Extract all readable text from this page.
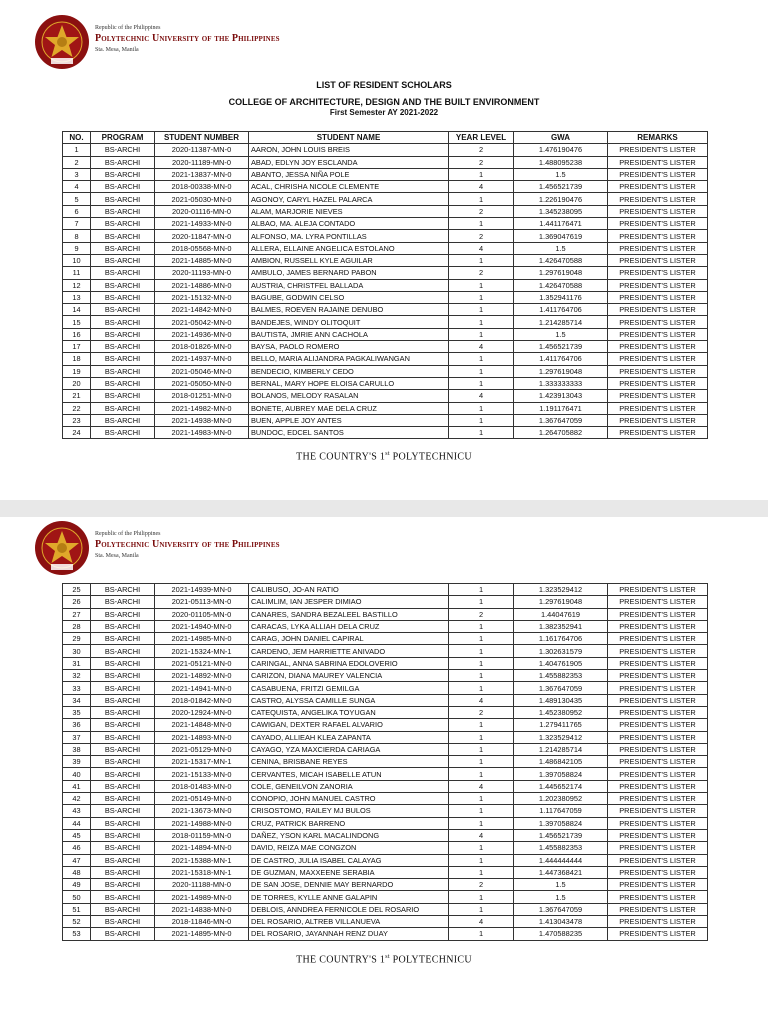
Republic of the Philippines
Polytechnic University of the Philippines
Sta. Mesa, Manila
LIST OF RESIDENT SCHOLARS
COLLEGE OF ARCHITECTURE, DESIGN AND THE BUILT ENVIRONMENT
First Semester AY 2021-2022
NO.	PROGRAM	STUDENT NUMBER	STUDENT NAME	YEAR LEVEL	GWA	REMARKS
1	BS-ARCHI	2020-11387-MN-0	AARON, JOHN LOUIS BREIS	2	1.476190476	PRESIDENT'S LISTER
2	BS-ARCHI	2020-11189-MN-0	ABAD, EDLYN JOY ESCLANDA	2	1.488095238	PRESIDENT'S LISTER
3	BS-ARCHI	2021-13837-MN-0	ABANTO, JESSA NIÑA POLE	1	1.5	PRESIDENT'S LISTER
4	BS-ARCHI	2018-00338-MN-0	ACAL, CHRISHA NICOLE CLEMENTE	4	1.456521739	PRESIDENT'S LISTER
5	BS-ARCHI	2021-05030-MN-0	AGONOY, CARYL HAZEL PALARCA	1	1.226190476	PRESIDENT'S LISTER
6	BS-ARCHI	2020-01116-MN-0	ALAM, MARJORIE NIEVES	2	1.345238095	PRESIDENT'S LISTER
7	BS-ARCHI	2021-14933-MN-0	ALBAO, MA. ALEJA CONTADO	1	1.441176471	PRESIDENT'S LISTER
8	BS-ARCHI	2020-11847-MN-0	ALFONSO, MA. LYRA PONTILLAS	2	1.369047619	PRESIDENT'S LISTER
9	BS-ARCHI	2018-05568-MN-0	ALLERA, ELLAINE ANGELICA ESTOLANO	4	1.5	PRESIDENT'S LISTER
10	BS-ARCHI	2021-14885-MN-0	AMBION, RUSSELL KYLE AGUILAR	1	1.426470588	PRESIDENT'S LISTER
11	BS-ARCHI	2020-11193-MN-0	AMBULO, JAMES BERNARD PABON	2	1.297619048	PRESIDENT'S LISTER
12	BS-ARCHI	2021-14886-MN-0	AUSTRIA, CHRISTFEL BALLADA	1	1.426470588	PRESIDENT'S LISTER
13	BS-ARCHI	2021-15132-MN-0	BAGUBE, GODWIN CELSO	1	1.352941176	PRESIDENT'S LISTER
14	BS-ARCHI	2021-14842-MN-0	BALMES, ROEVEN RAJAINE DENUBO	1	1.411764706	PRESIDENT'S LISTER
15	BS-ARCHI	2021-05042-MN-0	BANDEJES, WINDY OLITOQUIT	1	1.214285714	PRESIDENT'S LISTER
16	BS-ARCHI	2021-14936-MN-0	BAUTISTA, JMRIE ANN CACHOLA	1	1.5	PRESIDENT'S LISTER
17	BS-ARCHI	2018-01826-MN-0	BAYSA, PAOLO ROMERO	4	1.456521739	PRESIDENT'S LISTER
18	BS-ARCHI	2021-14937-MN-0	BELLO, MARIA ALIJANDRA PAGKALIWANGAN	1	1.411764706	PRESIDENT'S LISTER
19	BS-ARCHI	2021-05046-MN-0	BENDECIO, KIMBERLY CEDO	1	1.297619048	PRESIDENT'S LISTER
20	BS-ARCHI	2021-05050-MN-0	BERNAL, MARY HOPE ELOISA CARULLO	1	1.333333333	PRESIDENT'S LISTER
21	BS-ARCHI	2018-01251-MN-0	BOLANOS, MELODY RASALAN	4	1.423913043	PRESIDENT'S LISTER
22	BS-ARCHI	2021-14982-MN-0	BONETE, AUBREY MAE DELA CRUZ	1	1.191176471	PRESIDENT'S LISTER
23	BS-ARCHI	2021-14938-MN-0	BUEN, APPLE JOY ANTES	1	1.367647059	PRESIDENT'S LISTER
24	BS-ARCHI	2021-14983-MN-0	BUNDOC, EDCEL SANTOS	1	1.264705882	PRESIDENT'S LISTER
THE COUNTRY'S 1st POLYTECHNICU
Republic of the Philippines
Polytechnic University of the Philippines
Sta. Mesa, Manila
25	BS-ARCHI	2021-14939-MN-0	CALIBUSO, JO-AN RATIO	1	1.323529412	PRESIDENT'S LISTER
26	BS-ARCHI	2021-05113-MN-0	CALIMLIM, IAN JESPER DIMIAO	1	1.297619048	PRESIDENT'S LISTER
27	BS-ARCHI	2020-01105-MN-0	CANARES, SANDRA BEZALEEL BASTILLO	2	1.44047619	PRESIDENT'S LISTER
28	BS-ARCHI	2021-14940-MN-0	CARACAS, LYKA ALLIAH DELA CRUZ	1	1.382352941	PRESIDENT'S LISTER
29	BS-ARCHI	2021-14985-MN-0	CARAG, JOHN DANIEL CAPIRAL	1	1.161764706	PRESIDENT'S LISTER
30	BS-ARCHI	2021-15324-MN-1	CARDENO, JEM HARRIETTE ANIVADO	1	1.302631579	PRESIDENT'S LISTER
31	BS-ARCHI	2021-05121-MN-0	CARINGAL, ANNA SABRINA EDOLOVERIO	1	1.404761905	PRESIDENT'S LISTER
32	BS-ARCHI	2021-14892-MN-0	CARIZON, DIANA MAUREY VALENCIA	1	1.455882353	PRESIDENT'S LISTER
33	BS-ARCHI	2021-14941-MN-0	CASABUENA, FRITZI GEMILGA	1	1.367647059	PRESIDENT'S LISTER
34	BS-ARCHI	2018-01842-MN-0	CASTRO, ALYSSA CAMILLE SUNGA	4	1.489130435	PRESIDENT'S LISTER
35	BS-ARCHI	2020-12924-MN-0	CATEQUISTA, ANGELIKA TOYUGAN	2	1.452380952	PRESIDENT'S LISTER
36	BS-ARCHI	2021-14848-MN-0	CAWIGAN, DEXTER RAFAEL ALVARIO	1	1.279411765	PRESIDENT'S LISTER
37	BS-ARCHI	2021-14893-MN-0	CAYADO, ALLIEAH KLEA ZAPANTA	1	1.323529412	PRESIDENT'S LISTER
38	BS-ARCHI	2021-05129-MN-0	CAYAGO, YZA MAXCIERDA CARIAGA	1	1.214285714	PRESIDENT'S LISTER
39	BS-ARCHI	2021-15317-MN-1	CENINA, BRISBANE REYES	1	1.486842105	PRESIDENT'S LISTER
40	BS-ARCHI	2021-15133-MN-0	CERVANTES, MICAH ISABELLE ATUN	1	1.397058824	PRESIDENT'S LISTER
41	BS-ARCHI	2018-01483-MN-0	COLE, GENEILVON ZANORIA	4	1.445652174	PRESIDENT'S LISTER
42	BS-ARCHI	2021-05149-MN-0	CONOPIO, JOHN MANUEL CASTRO	1	1.202380952	PRESIDENT'S LISTER
43	BS-ARCHI	2021-13673-MN-0	CRISOSTOMO, RAILEY MJ BULOS	1	1.117647059	PRESIDENT'S LISTER
44	BS-ARCHI	2021-14988-MN-0	CRUZ, PATRICK BARRENO	1	1.397058824	PRESIDENT'S LISTER
45	BS-ARCHI	2018-01159-MN-0	DAÑEZ, YSON KARL MACALINDONG	4	1.456521739	PRESIDENT'S LISTER
46	BS-ARCHI	2021-14894-MN-0	DAVID, REIZA MAE CONGZON	1	1.455882353	PRESIDENT'S LISTER
47	BS-ARCHI	2021-15388-MN-1	DE CASTRO, JULIA ISABEL CALAYAG	1	1.444444444	PRESIDENT'S LISTER
48	BS-ARCHI	2021-15318-MN-1	DE GUZMAN, MAXXEENE SERABIA	1	1.447368421	PRESIDENT'S LISTER
49	BS-ARCHI	2020-11188-MN-0	DE SAN JOSE, DENNIE MAY BERNARDO	2	1.5	PRESIDENT'S LISTER
50	BS-ARCHI	2021-14989-MN-0	DE TORRES, KYLLE ANNE GALAPIN	1	1.5	PRESIDENT'S LISTER
51	BS-ARCHI	2021-14838-MN-0	DEBLOIS, ANNDREA FERNICOLE DEL ROSARIO	1	1.367647059	PRESIDENT'S LISTER
52	BS-ARCHI	2018-11846-MN-0	DEL ROSARIO, ALTREB VILLANUEVA	4	1.413043478	PRESIDENT'S LISTER
53	BS-ARCHI	2021-14895-MN-0	DEL ROSARIO, JAYANNAH RENZ DUAY	1	1.470588235	PRESIDENT'S LISTER
THE COUNTRY'S 1st POLYTECHNICU
